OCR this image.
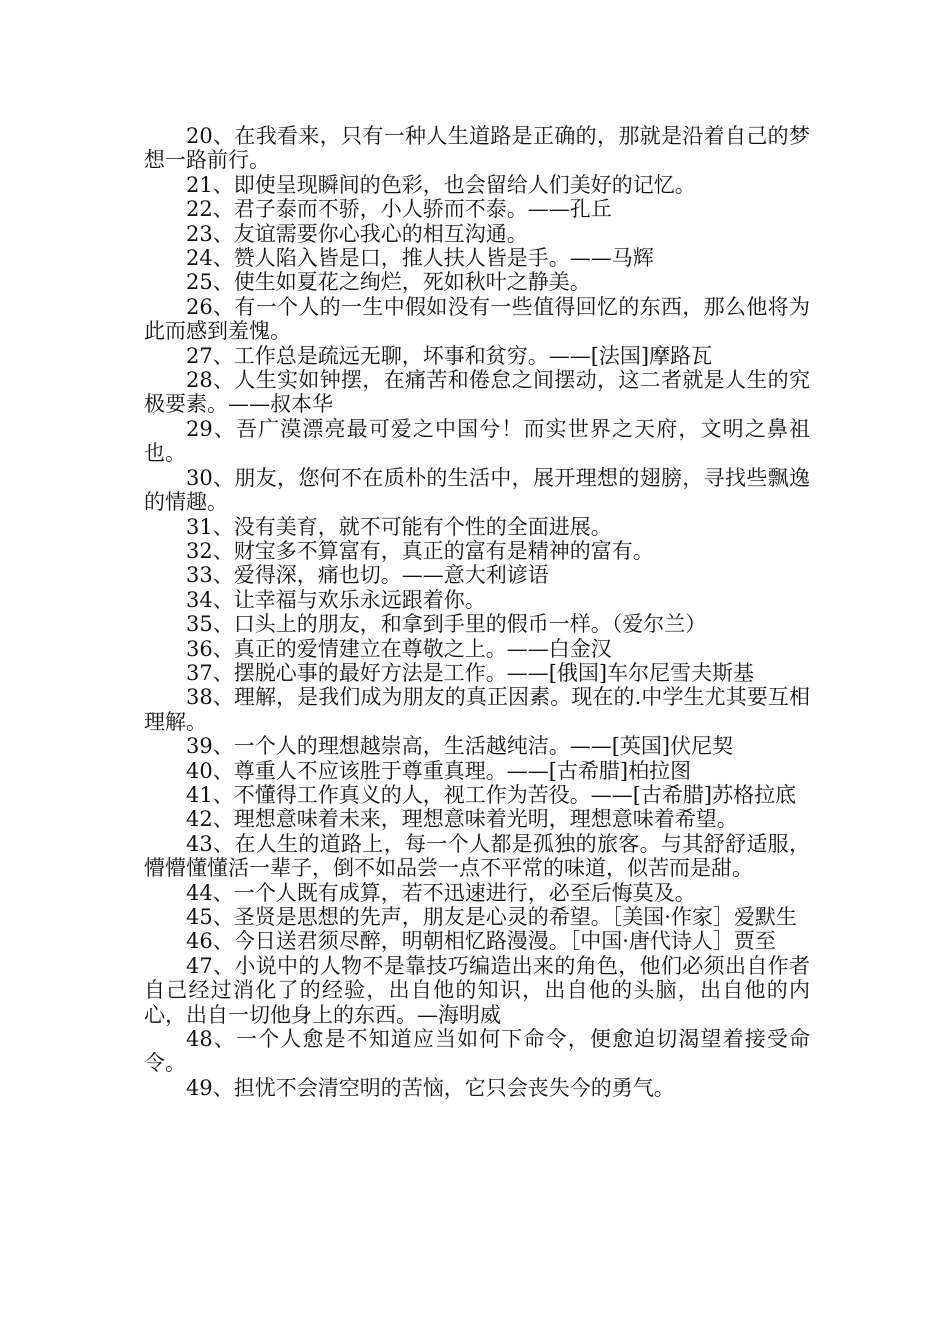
20、在我看来，只有一种人生道路是正确的，那就是沿着自己的梦想一路前行。

21、即使呈现瞬间的色彩，也会留给人们美好的记忆。

22、君子泰而不骄，小人骄而不泰。——孔丘

23、友谊需要你心我心的相互沟通。

24、赞人陷入皆是口，推人扶人皆是手。——马辉

25、使生如夏花之绚烂，死如秋叶之静美。

26、有一个人的一生中假如没有一些值得回忆的东西，那么他将为此而感到羞愧。

27、工作总是疏远无聊，坏事和贫穷。——[法国]摩路瓦

28、人生实如钟摆，在痛苦和倦怠之间摆动，这二者就是人生的究极要素。——叔本华

29、吾广漠漂亮最可爱之中国兮！而实世界之天府，文明之鼻祖也。

30、朋友，您何不在质朴的生活中，展开理想的翅膀，寻找些飘逸的情趣。

31、没有美育，就不可能有个性的全面进展。

32、财宝多不算富有，真正的富有是精神的富有。

33、爱得深，痛也切。——意大利谚语

34、让幸福与欢乐永远跟着你。

35、口头上的朋友，和拿到手里的假币一样。（爱尔兰）

36、真正的爱情建立在尊敬之上。——白金汉

37、摆脱心事的最好方法是工作。——[俄国]车尔尼雪夫斯基

38、理解，是我们成为朋友的真正因素。现在的.中学生尤其要互相理解。

39、一个人的理想越崇高，生活越纯洁。——[英国]伏尼契

40、尊重人不应该胜于尊重真理。——[古希腊]柏拉图

41、不懂得工作真义的人，视工作为苦役。——[古希腊]苏格拉底

42、理想意味着未来，理想意味着光明，理想意味着希望。

43、在人生的道路上，每一个人都是孤独的旅客。与其舒舒适服，懵懵懂懂活一辈子，倒不如品尝一点不平常的味道，似苦而是甜。

44、一个人既有成算，若不迅速进行，必至后悔莫及。

45、圣贤是思想的先声，朋友是心灵的希望。［美国·作家］爱默生

46、今日送君须尽醉，明朝相忆路漫漫。［中国·唐代诗人］贾至

47、小说中的人物不是靠技巧编造出来的角色，他们必须出自作者自己经过消化了的经验，出自他的知识，出自他的头脑，出自他的内心，出自一切他身上的东西。—海明威

48、一个人愈是不知道应当如何下命令，便愈迫切渴望着接受命令。

49、担忧不会清空明的苦恼，它只会丧失今的勇气。
